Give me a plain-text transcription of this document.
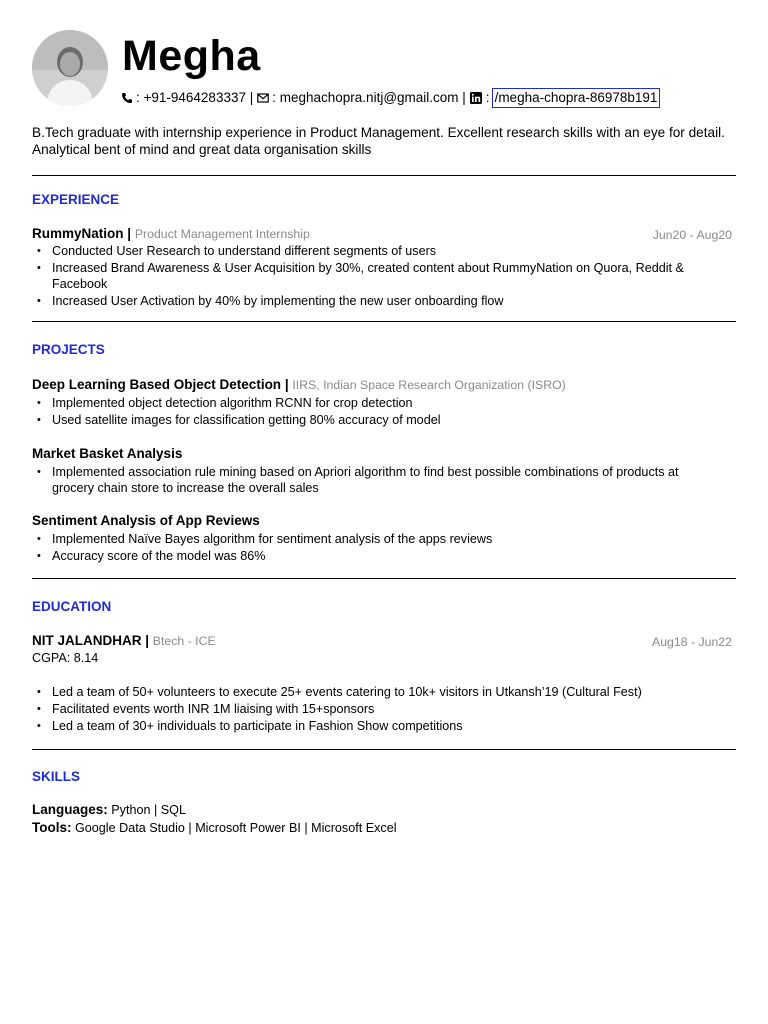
Megha
: +91-9464283337 | : meghachopra.nitj@gmail.com | : /megha-chopra-86978b191
B.Tech graduate with internship experience in Product Management. Excellent research skills with an eye for detail. Analytical bent of mind and great data organisation skills
EXPERIENCE
RummyNation | Product Management Internship	Jun20 - Aug20
• Conducted User Research to understand different segments of users
• Increased Brand Awareness & User Acquisition by 30%, created content about RummyNation on Quora, Reddit & Facebook
• Increased User Activation by 40% by implementing the new user onboarding flow
PROJECTS
Deep Learning Based Object Detection | IIRS, Indian Space Research Organization (ISRO)
• Implemented object detection algorithm RCNN for crop detection
• Used satellite images for classification getting 80% accuracy of model
Market Basket Analysis
• Implemented association rule mining based on Apriori algorithm to find best possible combinations of products at grocery chain store to increase the overall sales
Sentiment Analysis of App Reviews
• Implemented Naïve Bayes algorithm for sentiment analysis of the apps reviews
• Accuracy score of the model was 86%
EDUCATION
NIT JALANDHAR | Btech - ICE	Aug18 - Jun22
CGPA: 8.14
• Led a team of 50+ volunteers to execute 25+ events catering to 10k+ visitors in Utkansh’19 (Cultural Fest)
• Facilitated events worth INR 1M liaising with 15+sponsors
• Led a team of 30+ individuals to participate in Fashion Show competitions
SKILLS
Languages: Python | SQL
Tools: Google Data Studio | Microsoft Power BI | Microsoft Excel
